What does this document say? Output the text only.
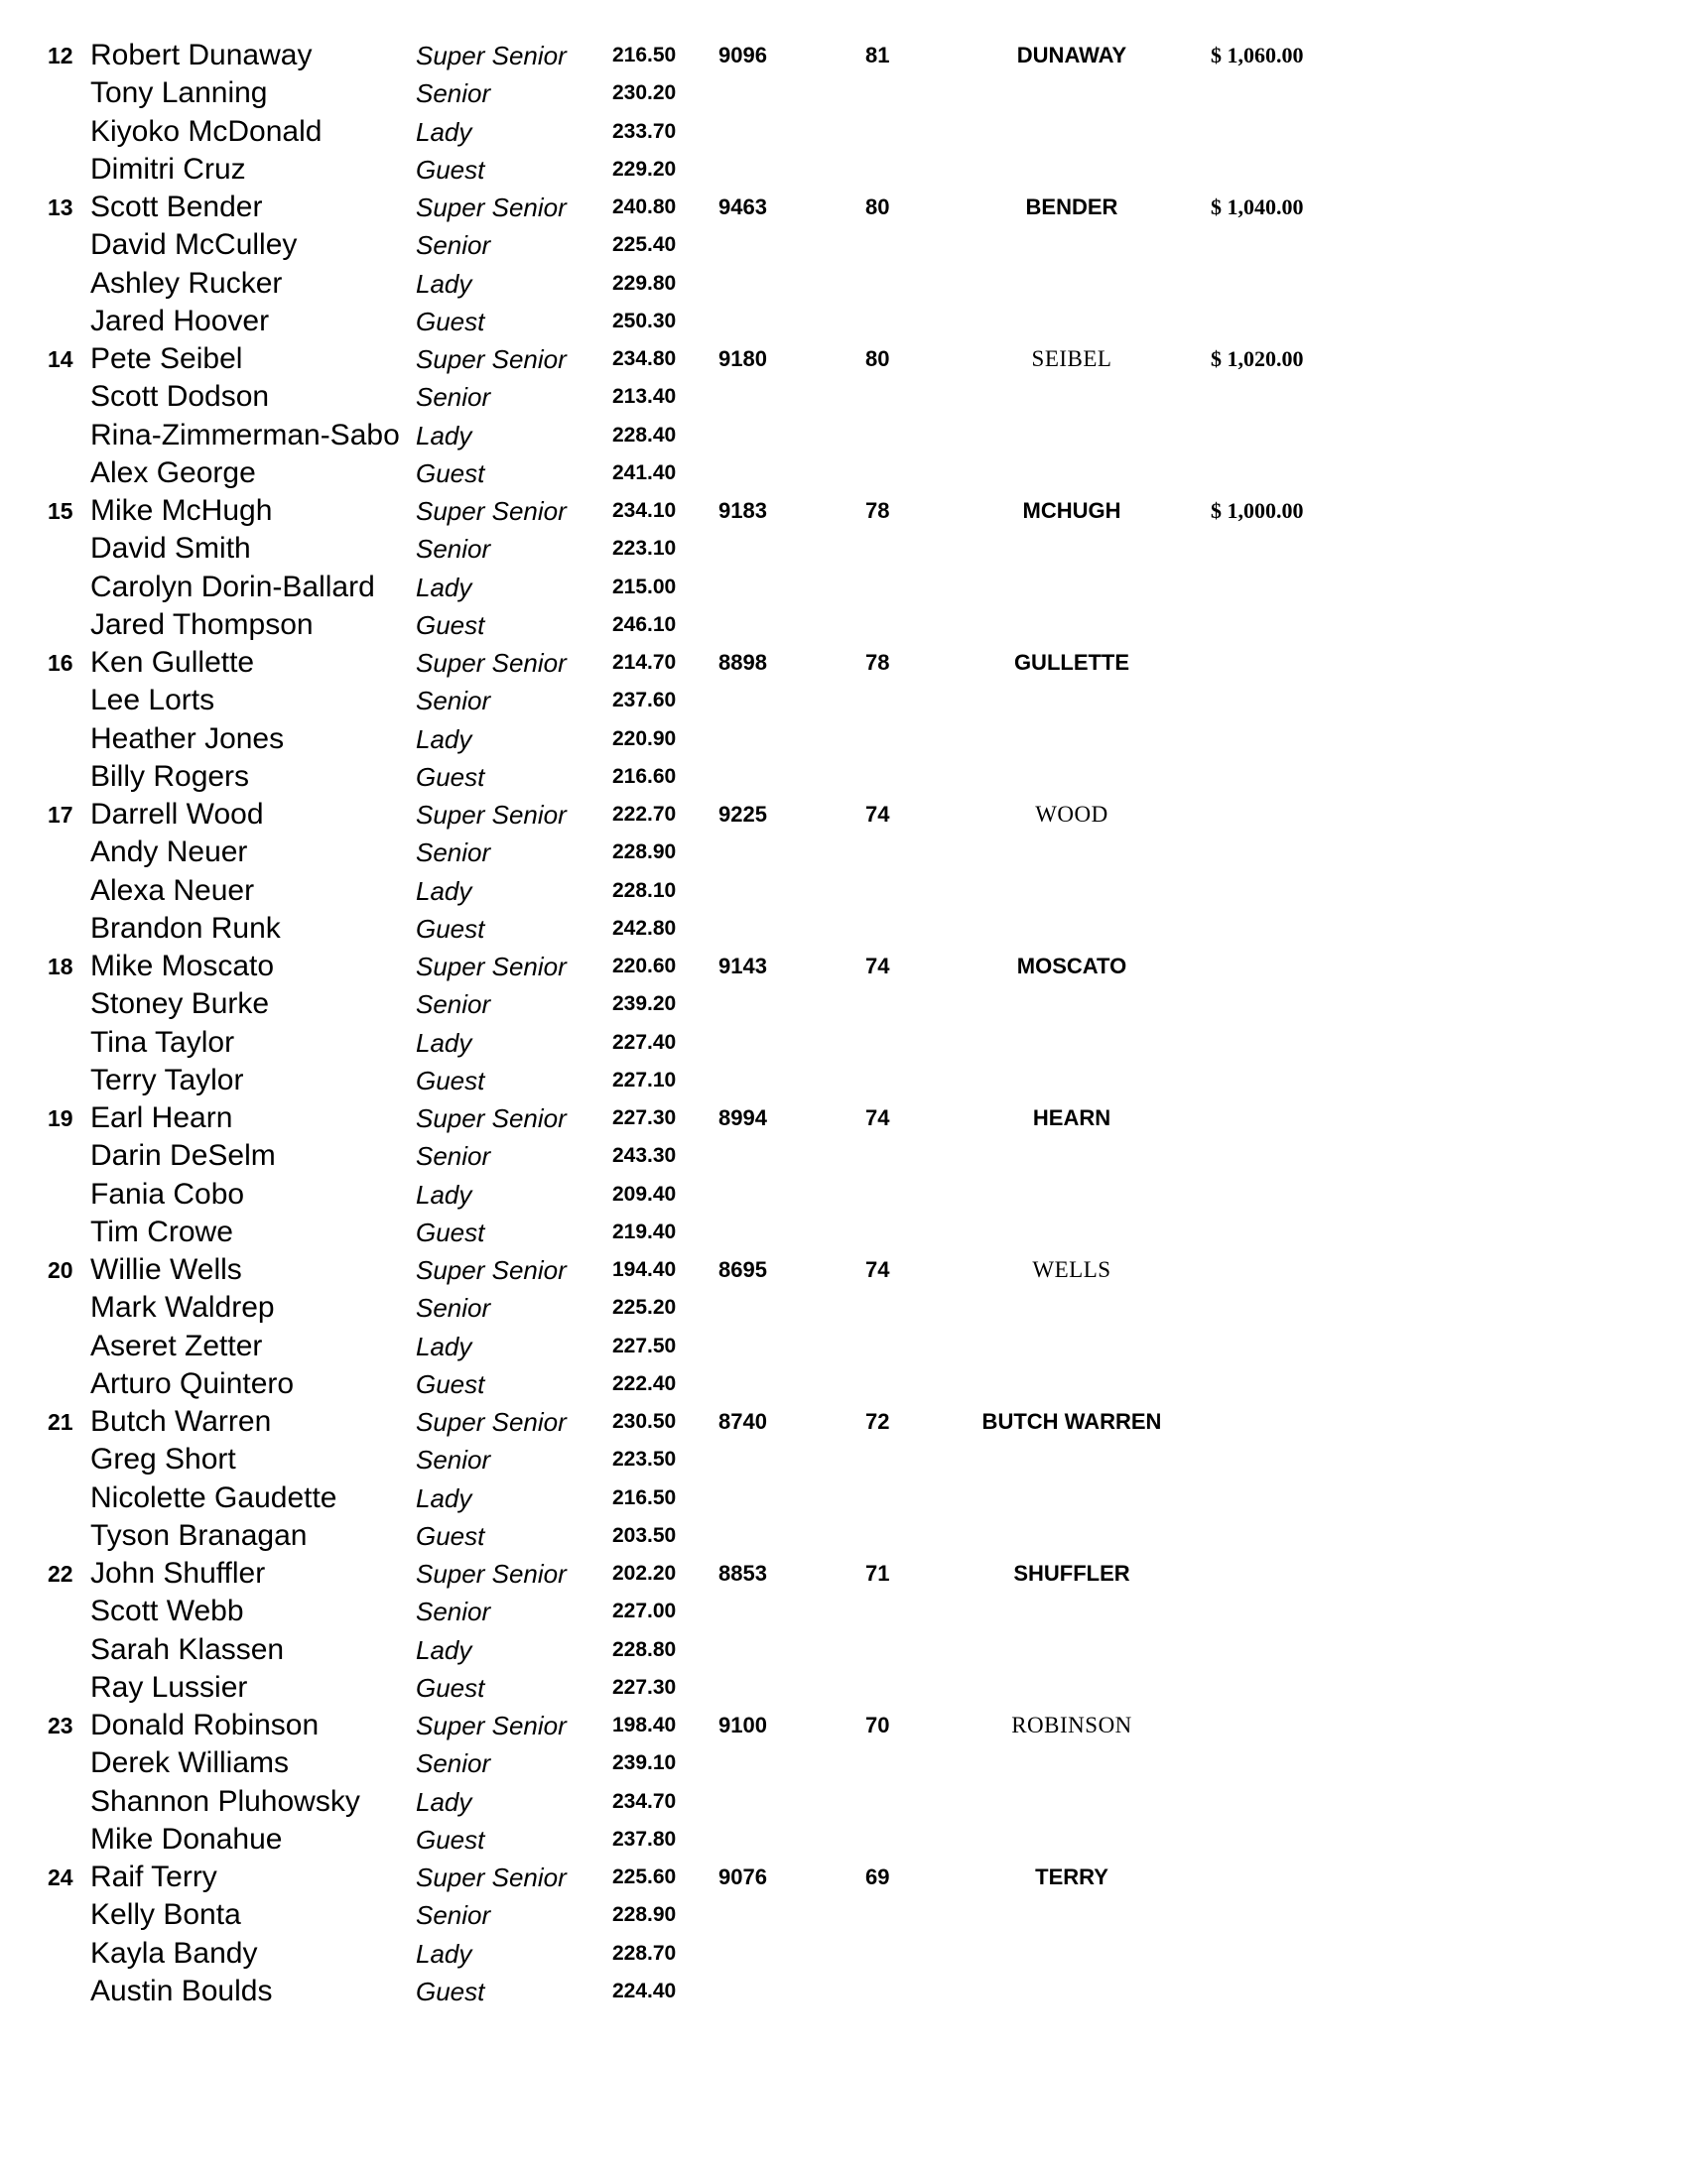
12 Robert Dunaway	Super Senior 216.50 9096	81	DUNAWAY	$ 1,060.00
Tony Lanning	Senior	230.20
Kiyoko McDonald	Lady	233.70
Dimitri Cruz	Guest	229.20
13 Scott Bender	Super Senior 240.80 9463	80	BENDER	$ 1,040.00
David McCulley	Senior	225.40
Ashley Rucker	Lady	229.80
Jared Hoover	Guest	250.30
14 Pete Seibel	Super Senior 234.80 9180	80	SEIBEL	$ 1,020.00
Scott Dodson	Senior	213.40
Rina-Zimmerman-Sabo Lady	228.40
Alex George	Guest	241.40
15 Mike McHugh	Super Senior 234.10 9183	78	MCHUGH	$ 1,000.00
David Smith	Senior	223.10
Carolyn Dorin-Ballard Lady	215.00
Jared Thompson	Guest	246.10
16 Ken Gullette	Super Senior 214.70 8898	78	GULLETTE
Lee Lorts	Senior	237.60
Heather Jones	Lady	220.90
Billy Rogers	Guest	216.60
17 Darrell Wood	Super Senior 222.70 9225	74	WOOD
Andy Neuer	Senior	228.90
Alexa Neuer	Lady	228.10
Brandon Runk	Guest	242.80
18 Mike Moscato	Super Senior 220.60 9143	74	MOSCATO
Stoney Burke	Senior	239.20
Tina Taylor	Lady	227.40
Terry Taylor	Guest	227.10
19 Earl Hearn	Super Senior 227.30 8994	74	HEARN
Darin DeSelm	Senior	243.30
Fania Cobo	Lady	209.40
Tim Crowe	Guest	219.40
20 Willie Wells	Super Senior 194.40 8695	74	WELLS
Mark Waldrep	Senior	225.20
Aseret Zetter	Lady	227.50
Arturo Quintero	Guest	222.40
21 Butch Warren	Super Senior 230.50 8740	72	BUTCH WARREN
Greg Short	Senior	223.50
Nicolette Gaudette	Lady	216.50
Tyson Branagan	Guest	203.50
22 John Shuffler	Super Senior 202.20 8853	71	SHUFFLER
Scott Webb	Senior	227.00
Sarah Klassen	Lady	228.80
Ray Lussier	Guest	227.30
23 Donald Robinson	Super Senior 198.40 9100	70	ROBINSON
Derek Williams	Senior	239.10
Shannon Pluhowsky Lady	234.70
Mike Donahue	Guest	237.80
24 Raif Terry	Super Senior 225.60 9076	69	TERRY
Kelly Bonta	Senior	228.90
Kayla Bandy	Lady	228.70
Austin Boulds	Guest	224.40
